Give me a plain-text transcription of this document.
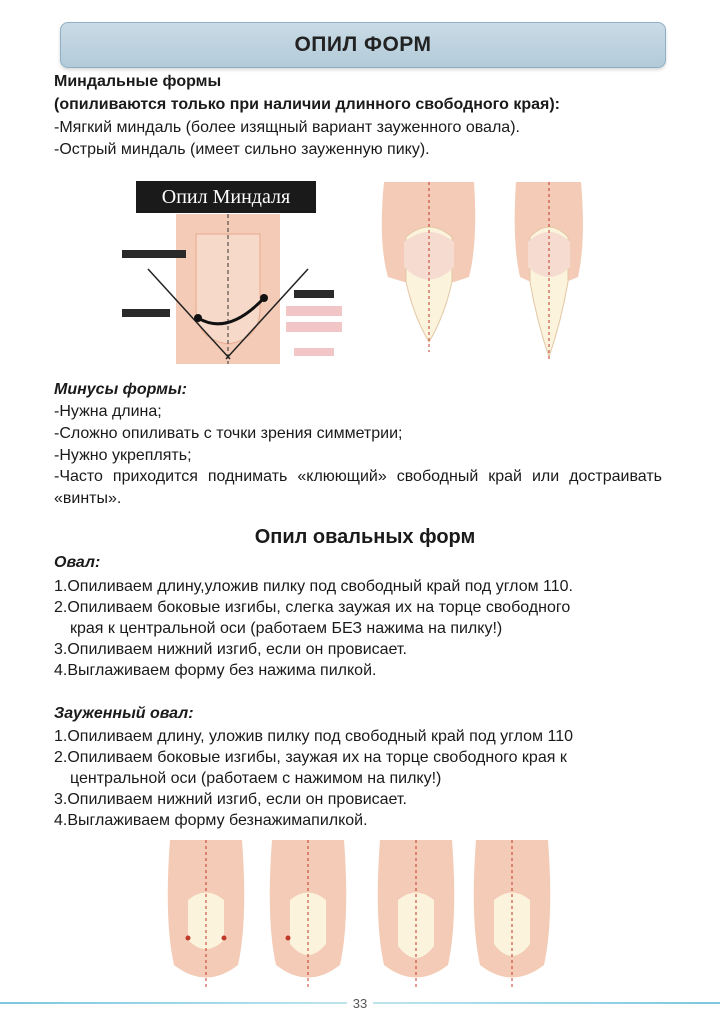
ОПИЛ ФОРМ
Миндальные формы
(опиливаются только при наличии длинного свободного края):
-Мягкий миндаль (более изящный вариант зауженного овала).
-Острый миндаль (имеет сильно зауженную пику).
Опил Миндаля
Минусы формы:
-Нужна длина;
-Сложно опиливать с точки зрения симметрии;
-Нужно укреплять;
-Часто приходится поднимать «клюющий» свободный край или достраивать «винты».
Опил овальных форм
Овал:
1.Опиливаем длину,уложив пилку под свободный край под углом 110.
2.Опиливаем боковые изгибы, слегка заужая их на торце свободного
края к центральной оси (работаем БЕЗ нажима на пилку!)
3.Опиливаем нижний изгиб, если он провисает.
4.Выглаживаем форму без нажима пилкой.
Зауженный овал:
1.Опиливаем длину, уложив пилку под свободный край под углом 110
2.Опиливаем боковые изгибы, заужая их на торце свободного края к
центральной оси (работаем с нажимом на пилку!)
3.Опиливаем нижний изгиб, если он провисает.
4.Выглаживаем форму безнажимапилкой.
33
